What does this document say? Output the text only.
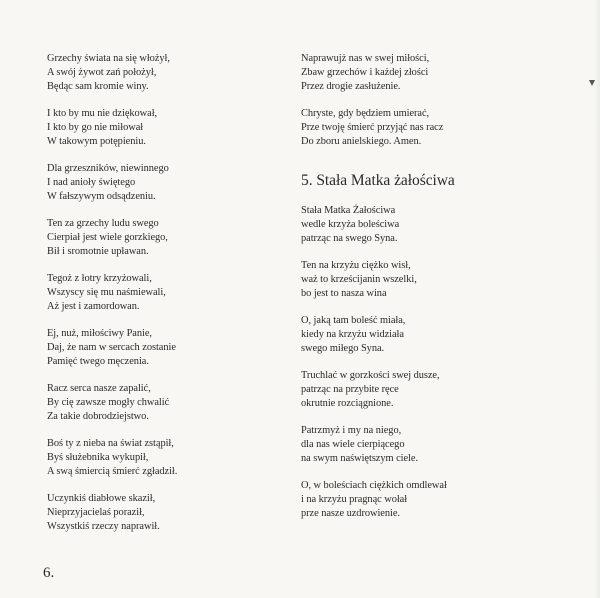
Grzechy świata na się włożył,
A swój żywot zań położył,
Będąc sam kromie winy.
I kto by mu nie dziękował,
I kto by go nie miłował
W takowym potępieniu.
Dla grzeszników, niewinnego
I nad anioły świętego
W fałszywym odsądzeniu.
Ten za grzechy ludu swego
Cierpiał jest wiele gorzkiego,
Bił i sromotnie upławan.
Tegoż z łotry krzyżowali,
Wszyscy się mu naśmiewali,
Aż jest i zamordowan.
Ej, nuż, miłościwy Panie,
Daj, że nam w sercach zostanie
Pamięć twego męczenia.
Racz serca nasze zapalić,
By cię zawsze mogły chwalić
Za takie dobrodziejstwo.
Boś ty z nieba na świat zstąpił,
Byś służebnika wykupił,
A swą śmiercią śmierć zgładził.
Uczynkiś diabłowe skaził,
Nieprzyjacielaś poraził,
Wszystkiś rzeczy naprawił.
Naprawujż nas w swej miłości,
Zbaw grzechów i każdej złości
Przez drogie zasłużenie.
Chryste, gdy będziem umierać,
Prze twoję śmierć przyjąć nas racz
Do zboru anielskiego. Amen.
5. Stała Matka żałościwa
Stała Matka Żałościwa
wedle krzyża boleściwa
patrząc na swego Syna.
Ten na krzyżu ciężko wisł,
waż to krześcijanin wszelki,
bo jest to nasza wina
O, jaką tam boleść miała,
kiedy na krzyżu widziała
swego miłego Syna.
Truchlać w gorzkości swej dusze,
patrząc na przybite ręce
okrutnie rozciągnione.
Patrzmyż i my na niego,
dla nas wiele cierpiącego
na swym naświętszym ciele.
O, w boleściach ciężkich omdlewał
i na krzyżu pragnąc wołał
prze nasze uzdrowienie.
6.
